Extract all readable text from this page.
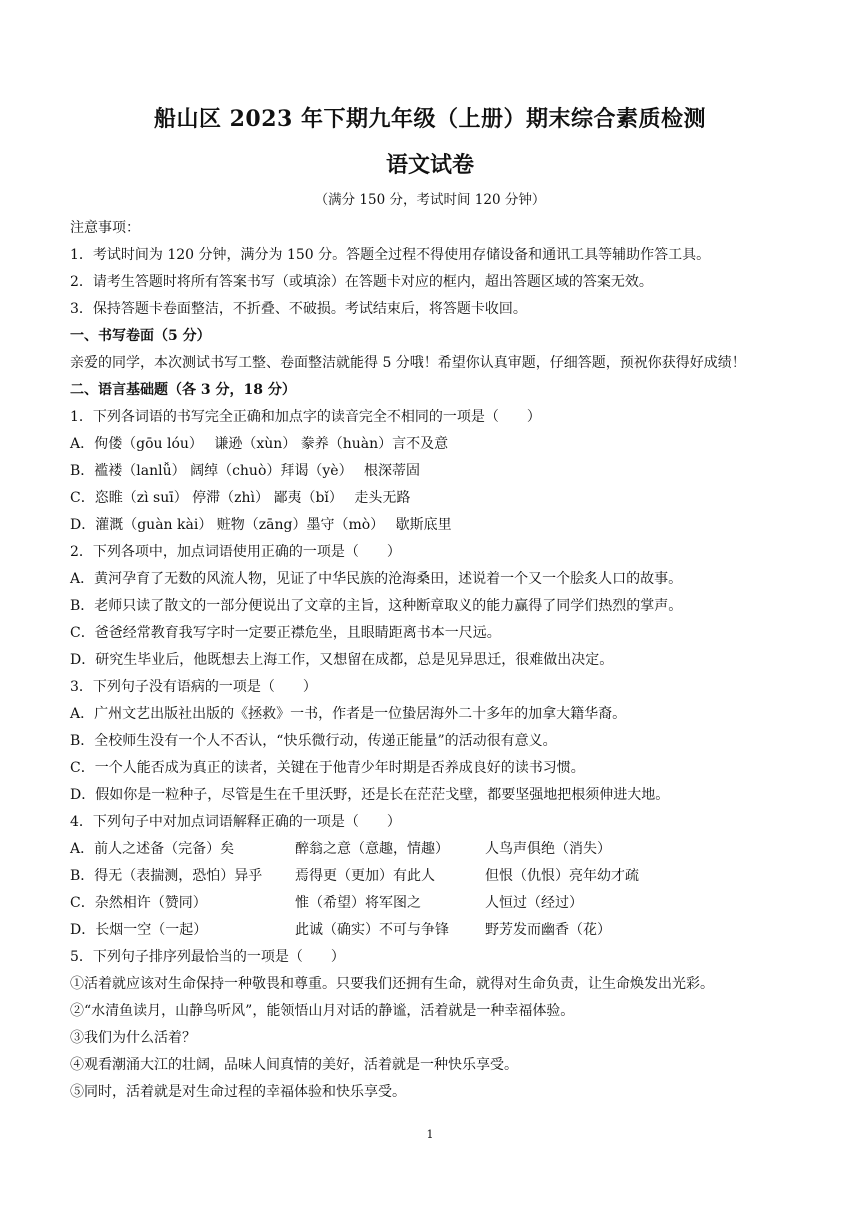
船山区 2023 年下期九年级（上册）期末综合素质检测
语文试卷
（满分 150 分，考试时间 120 分钟）
注意事项：
1．考试时间为 120 分钟，满分为 150 分。答题全过程不得使用存储设备和通讯工具等辅助作答工具。
2．请考生答题时将所有答案书写（或填涂）在答题卡对应的框内，超出答题区域的答案无效。
3．保持答题卡卷面整洁，不折叠、不破损。考试结束后，将答题卡收回。
一、书写卷面（5 分）
亲爱的同学，本次测试书写工整、卷面整洁就能得 5 分哦！希望你认真审题，仔细答题，预祝你获得好成绩！
二、语言基础题（各 3 分，18 分）
1．下列各词语的书写完全正确和加点字的读音完全不相同的一项是（　　）
A．佝偻（gōu lóu）　 谦逊（xùn） 豢养（huàn）言不及意
B．褴褛（lanlǚ） 阔绰（chuò）拜谒（yè）　 根深蒂固
C．恣睢（zì suī） 停滞（zhì） 鄙夷（bǐ）　 走头无路
D．灌溉（guàn kài） 赃物（zāng）墨守（mò）　 歇斯底里
2．下列各项中，加点词语使用正确的一项是（　　）
A．黄河孕育了无数的风流人物，见证了中华民族的沧海桑田，述说着一个又一个脍炙人口的故事。
B．老师只读了散文的一部分便说出了文章的主旨，这种断章取义的能力赢得了同学们热烈的掌声。
C．爸爸经常教育我写字时一定要正襟危坐，且眼睛距离书本一尺远。
D．研究生毕业后，他既想去上海工作，又想留在成都，总是见异思迁，很难做出决定。
3．下列句子没有语病的一项是（　　）
A．广州文艺出版社出版的《拯救》一书，作者是一位蛰居海外二十多年的加拿大籍华裔。
B．全校师生没有一个人不否认，“快乐微行动，传递正能量”的活动很有意义。
C．一个人能否成为真正的读者，关键在于他青少年时期是否养成良好的读书习惯。
D．假如你是一粒种子，尽管是生在千里沃野，还是长在茫茫戈壁，都要坚强地把根须伸进大地。
4．下列句子中对加点词语解释正确的一项是（　　）
A．前人之述备（完备）矣	醉翁之意（意趣，情趣）	人鸟声俱绝（消失）
B．得无（表揣测，恐怕）异乎 焉得更（更加）有此人	但恨（仇恨）亮年幼才疏
C．杂然相许（赞同）	惟（希望）将军图之	人恒过（经过）
D．长烟一空（一起）	此诚（确实）不可与争锋	野芳发而幽香（花）
5．下列句子排序列最恰当的一项是（　　）
①活着就应该对生命保持一种敬畏和尊重。只要我们还拥有生命，就得对生命负责，让生命焕发出光彩。
②“水清鱼读月，山静鸟听风”，能领悟山月对话的静谧，活着就是一种幸福体验。
③我们为什么活着？
④观看潮涌大江的壮阔，品味人间真情的美好，活着就是一种快乐享受。
⑤同时，活着就是对生命过程的幸福体验和快乐享受。
1
